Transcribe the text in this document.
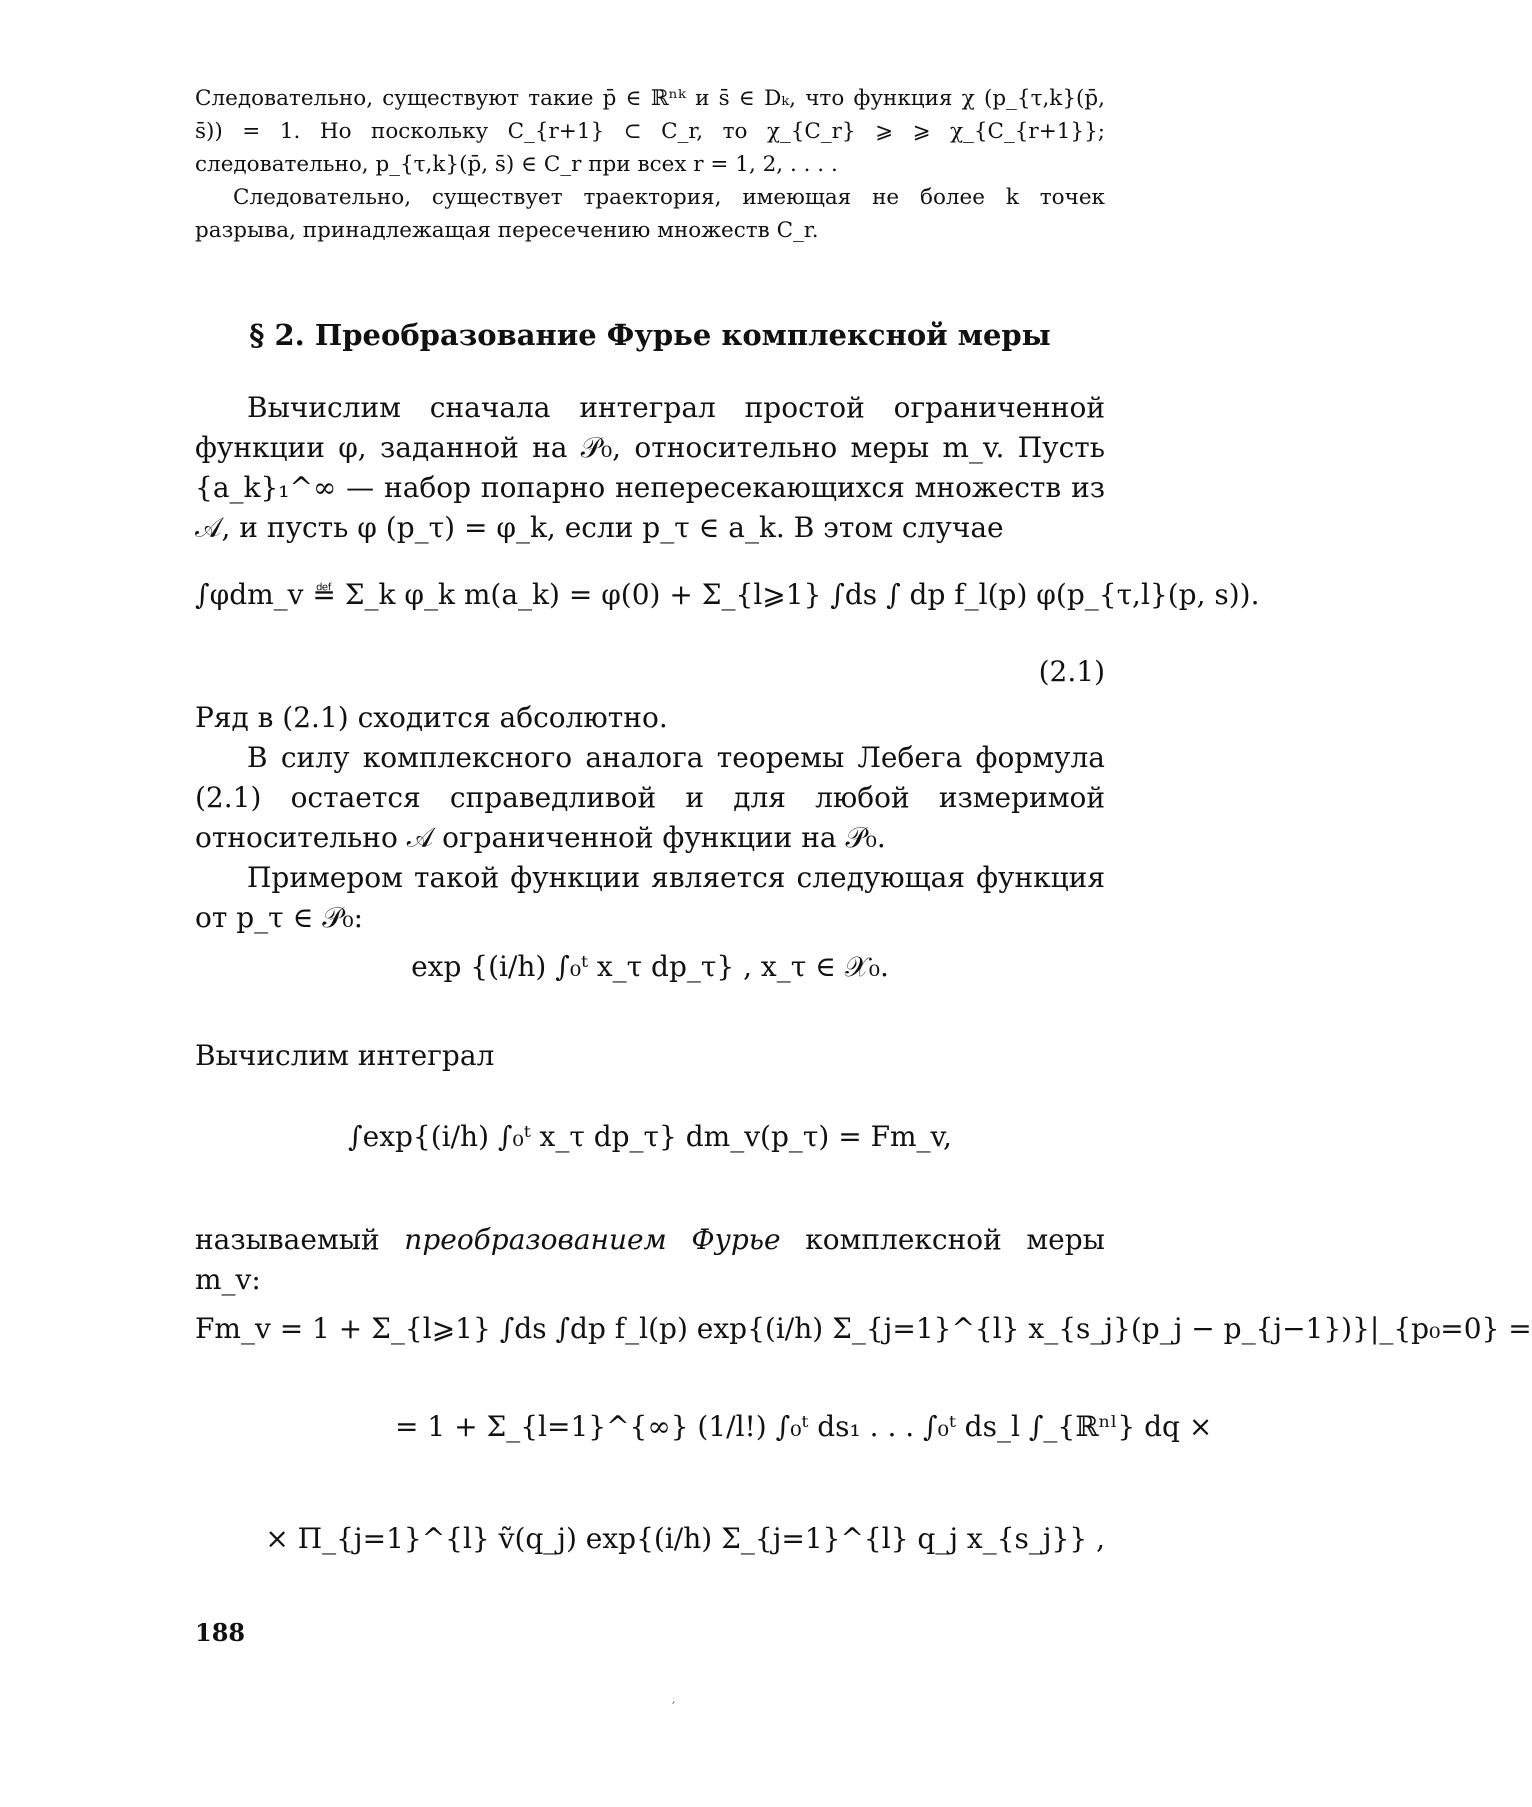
Следовательно, существуют такие p̄ ∈ ℝⁿᵏ и s̄ ∈ Dₖ, что функция χ (p_{τ,k}(p̄, s̄)) = 1. Но поскольку C_{r+1} ⊂ C_r, то χ_{C_r} ⩾ ⩾ χ_{C_{r+1}}; следовательно, p_{τ,k}(p̄, s̄) ∈ C_r при всех r = 1, 2, . . . .

Следовательно, существует траектория, имеющая не более k точек разрыва, принадлежащая пересечению множеств C_r.

§ 2. Преобразование Фурье комплексной меры

Вычислим сначала интеграл простой ограниченной функции φ, заданной на 𝒫₀, относительно меры m_v. Пусть {a_k}₁^∞ — набор попарно непересекающихся множеств из 𝒜, и пусть φ (p_τ) = φ_k, если p_τ ∈ a_k. В этом случае

∫φdm_v ≝ Σ_k φ_k m(a_k) = φ(0) + Σ_{l⩾1} ∫ds ∫ dp f_l(p) φ(p_{τ,l}(p, s)).
(2.1)

Ряд в (2.1) сходится абсолютно.

В силу комплексного аналога теоремы Лебега формула (2.1) остается справедливой и для любой измеримой относительно 𝒜 ограниченной функции на 𝒫₀.

Примером такой функции является следующая функция от p_τ ∈ 𝒫₀:

exp {(i/h) ∫₀ᵗ x_τ dp_τ} , x_τ ∈ 𝒳₀.

Вычислим интеграл

∫exp{(i/h) ∫₀ᵗ x_τ dp_τ} dm_v(p_τ) = Fm_v,

называемый преобразованием Фурье комплексной меры m_v:

Fm_v = 1 + Σ_{l⩾1} ∫ds ∫dp f_l(p) exp{(i/h) Σ_{j=1}^{l} x_{s_j}(p_j − p_{j−1})}|_{p₀=0} =
= 1 + Σ_{l=1}^{∞} (1/l!) ∫₀ᵗ ds₁ . . . ∫₀ᵗ ds_l ∫_{ℝⁿˡ} dq ×
× Π_{j=1}^{l} ṽ(q_j) exp{(i/h) Σ_{j=1}^{l} q_j x_{s_j}} ,
188
′
